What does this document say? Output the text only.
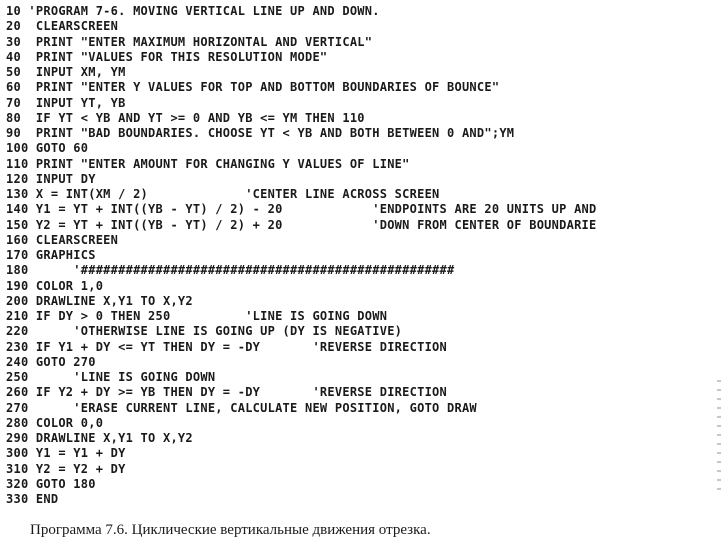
10 'PROGRAM 7-6. MOVING VERTICAL LINE UP AND DOWN.
20  CLEARSCREEN
30  PRINT "ENTER MAXIMUM HORIZONTAL AND VERTICAL"
40  PRINT "VALUES FOR THIS RESOLUTION MODE"
50  INPUT XM, YM
60  PRINT "ENTER Y VALUES FOR TOP AND BOTTOM BOUNDARIES OF BOUNCE"
70  INPUT YT, YB
80  IF YT < YB AND YT >= 0 AND YB <= YM THEN 110
90  PRINT "BAD BOUNDARIES. CHOOSE YT < YB AND BOTH BETWEEN 0 AND";YM
100 GOTO 60
110 PRINT "ENTER AMOUNT FOR CHANGING Y VALUES OF LINE"
120 INPUT DY
130 X = INT(XM / 2)             'CENTER LINE ACROSS SCREEN
140 Y1 = YT + INT((YB - YT) / 2) - 20            'ENDPOINTS ARE 20 UNITS UP AND
150 Y2 = YT + INT((YB - YT) / 2) + 20            'DOWN FROM CENTER OF BOUNDARIE
160 CLEARSCREEN
170 GRAPHICS
180      '##################################################
190 COLOR 1,0
200 DRAWLINE X,Y1 TO X,Y2
210 IF DY > 0 THEN 250          'LINE IS GOING DOWN
220      'OTHERWISE LINE IS GOING UP (DY IS NEGATIVE)
230 IF Y1 + DY <= YT THEN DY = -DY       'REVERSE DIRECTION
240 GOTO 270
250      'LINE IS GOING DOWN
260 IF Y2 + DY >= YB THEN DY = -DY       'REVERSE DIRECTION
270      'ERASE CURRENT LINE, CALCULATE NEW POSITION, GOTO DRAW
280 COLOR 0,0
290 DRAWLINE X,Y1 TO X,Y2
300 Y1 = Y1 + DY
310 Y2 = Y2 + DY
320 GOTO 180
330 END
Программа 7.6. Циклические вертикальные движения отрезка.
